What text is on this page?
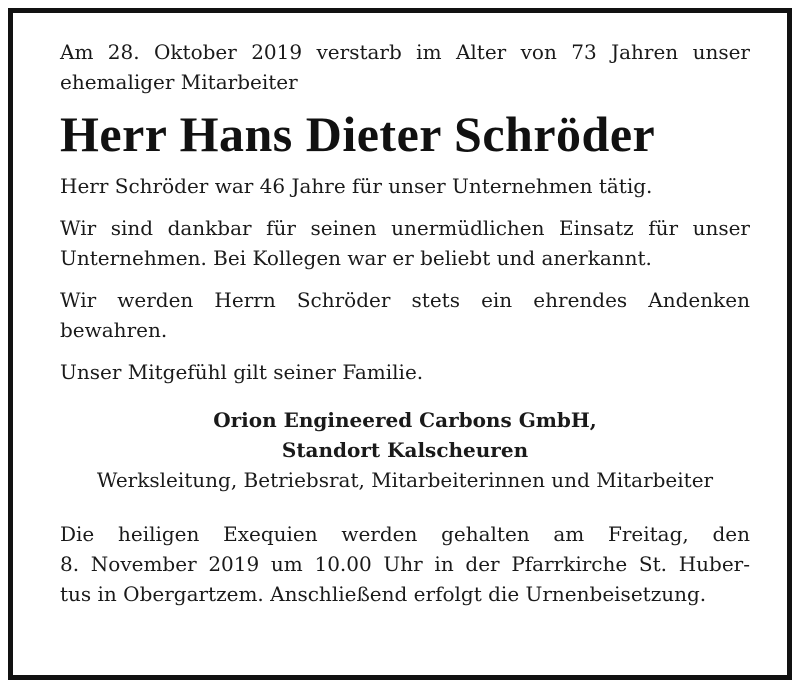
Am 28. Oktober 2019 verstarb im Alter von 73 Jahren unser

ehemaliger Mitarbeiter

Herr Hans Dieter Schröder

Herr Schröder war 46 Jahre für unser Unternehmen tätig.

Wir sind dankbar für seinen unermüdlichen Einsatz für unser

Unternehmen. Bei Kollegen war er beliebt und anerkannt.

Wir werden Herrn Schröder stets ein ehrendes Andenken

bewahren.

Unser Mitgefühl gilt seiner Familie.

Orion Engineered Carbons GmbH,

Standort Kalscheuren

Werksleitung, Betriebsrat, Mitarbeiterinnen und Mitarbeiter

Die heiligen Exequien werden gehalten am Freitag, den

8. November 2019 um 10.00 Uhr in der Pfarrkirche St. Huber-

tus in Obergartzem. Anschließend erfolgt die Urnenbeisetzung.
